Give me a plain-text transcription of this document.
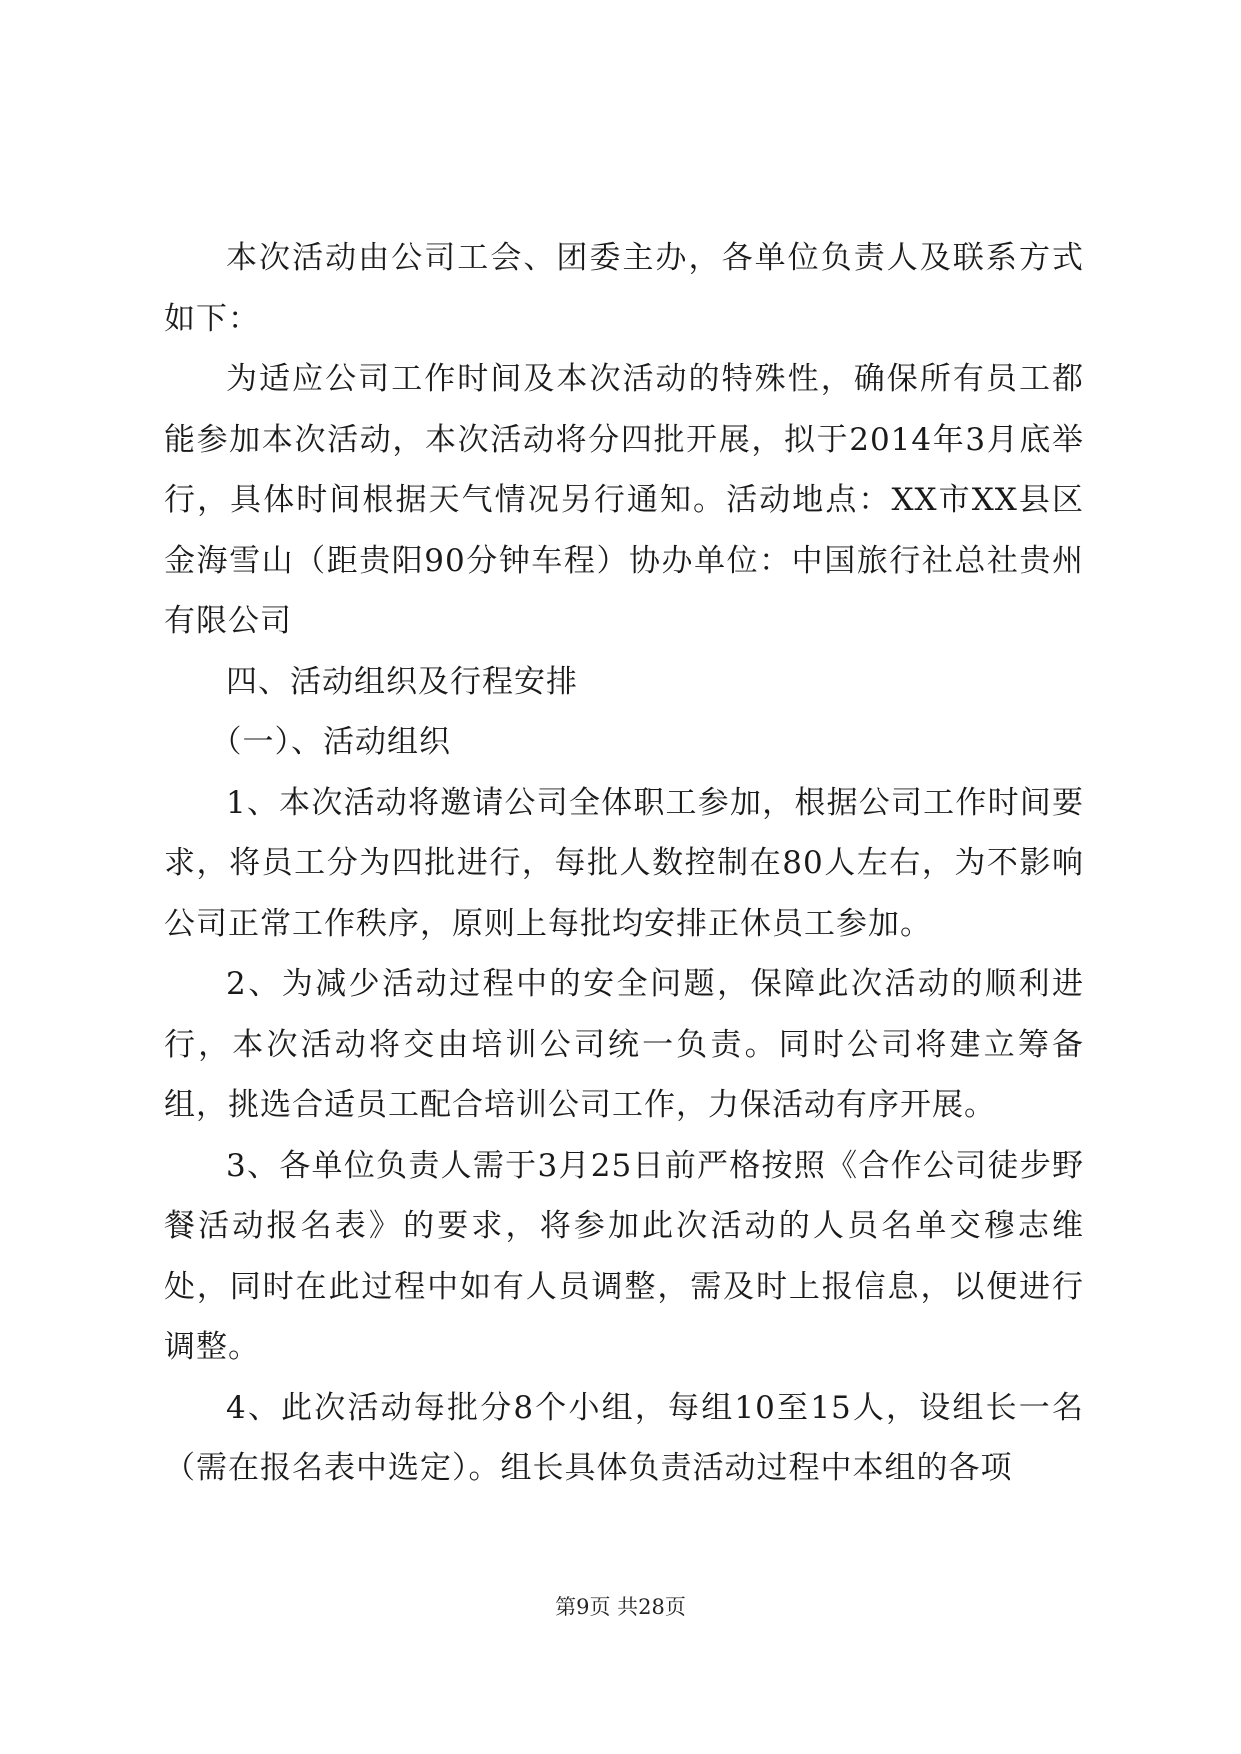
本次活动由公司工会、团委主办，各单位负责人及联系方式如下：

为适应公司工作时间及本次活动的特殊性，确保所有员工都能参加本次活动，本次活动将分四批开展，拟于2014年3月底举行，具体时间根据天气情况另行通知。活动地点：XX市XX县区金海雪山（距贵阳90分钟车程）协办单位：中国旅行社总社贵州有限公司

四、活动组织及行程安排

（一）、活动组织

1、本次活动将邀请公司全体职工参加，根据公司工作时间要求，将员工分为四批进行，每批人数控制在80人左右，为不影响公司正常工作秩序，原则上每批均安排正休员工参加。

2、为减少活动过程中的安全问题，保障此次活动的顺利进行，本次活动将交由培训公司统一负责。同时公司将建立筹备组，挑选合适员工配合培训公司工作，力保活动有序开展。

3、各单位负责人需于3月25日前严格按照《合作公司徒步野餐活动报名表》的要求，将参加此次活动的人员名单交穆志维处，同时在此过程中如有人员调整，需及时上报信息，以便进行调整。

4、此次活动每批分8个小组，每组10至15人，设组长一名（需在报名表中选定）。组长具体负责活动过程中本组的各项

第9页 共28页
